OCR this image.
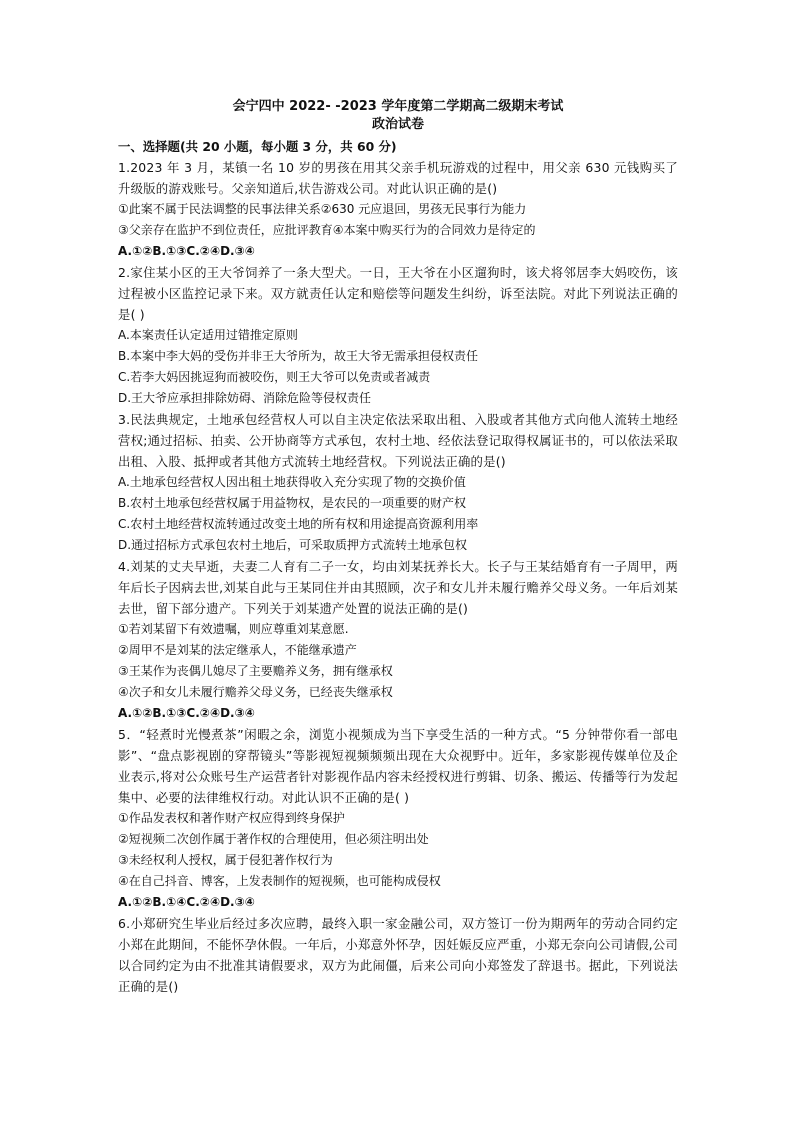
会宁四中 2022- -2023 学年度第二学期高二级期末考试

政治试卷

一、选择题(共 20 小题，每小题 3 分，共 60 分)

1.2023 年 3 月，某镇一名 10 岁的男孩在用其父亲手机玩游戏的过程中，用父亲 630 元钱购买了升级版的游戏账号。父亲知道后,状告游戏公司。对此认识正确的是()

①此案不属于民法调整的民事法律关系②630 元应退回，男孩无民事行为能力

③父亲存在监护不到位责任，应批评教育④本案中购买行为的合同效力是待定的

A.①②B.①③C.②④D.③④

2.家住某小区的王大爷饲养了一条大型犬。一日，王大爷在小区遛狗时，该犬将邻居李大妈咬伤，该过程被小区监控记录下来。双方就责任认定和赔偿等问题发生纠纷，诉至法院。对此下列说法正确的是( )

A.本案责任认定适用过错推定原则

B.本案中李大妈的受伤并非王大爷所为，故王大爷无需承担侵权责任

C.若李大妈因挑逗狗而被咬伤，则王大爷可以免责或者减责

D.王大爷应承担排除妨碍、消除危险等侵权责任

3.民法典规定，土地承包经营权人可以自主决定依法采取出租、入股或者其他方式向他人流转土地经营权;通过招标、拍卖、公开协商等方式承包，农村土地、经依法登记取得权属证书的，可以依法采取出租、入股、抵押或者其他方式流转土地经营权。下列说法正确的是()

A.土地承包经营权人因出租土地获得收入充分实现了物的交换价值

B.农村土地承包经营权属于用益物权，是农民的一项重要的财产权

C.农村土地经营权流转通过改变土地的所有权和用途提高资源利用率

D.通过招标方式承包农村土地后，可采取质押方式流转土地承包权

4.刘某的丈夫早逝，夫妻二人育有二子一女，均由刘某抚养长大。长子与王某结婚育有一子周甲，两年后长子因病去世,刘某自此与王某同住并由其照顾，次子和女儿并未履行赡养父母义务。一年后刘某去世，留下部分遗产。下列关于刘某遗产处置的说法正确的是()

①若刘某留下有效遗嘱，则应尊重刘某意愿.

②周甲不是刘某的法定继承人，不能继承遗产

③王某作为丧偶儿媳尽了主要赡养义务，拥有继承权

④次子和女儿未履行赡养父母义务，已经丧失继承权

A.①②B.①③C.②④D.③④

5．“轻煮时光慢煮茶”闲暇之余，浏览小视频成为当下享受生活的一种方式。“5 分钟带你看一部电影”、“盘点影视剧的穿帮镜头”等影视短视频频频出现在大众视野中。近年，多家影视传媒单位及企业表示,将对公众账号生产运营者针对影视作品内容未经授权进行剪辑、切条、搬运、传播等行为发起集中、必要的法律维权行动。对此认识不正确的是( )

①作品发表权和著作财产权应得到终身保护

②短视频二次创作属于著作权的合理使用，但必须注明出处

③未经权利人授权，属于侵犯著作权行为

④在自己抖音、博客，上发表制作的短视频，也可能构成侵权

A.①②B.①④C.②④D.③④

6.小郑研究生毕业后经过多次应聘，最终入职一家金融公司，双方签订一份为期两年的劳动合同约定小郑在此期间，不能怀孕休假。一年后，小郑意外怀孕，因妊娠反应严重，小郑无奈向公司请假,公司以合同约定为由不批准其请假要求，双方为此闹僵，后来公司向小郑签发了辞退书。据此，下列说法正确的是()
